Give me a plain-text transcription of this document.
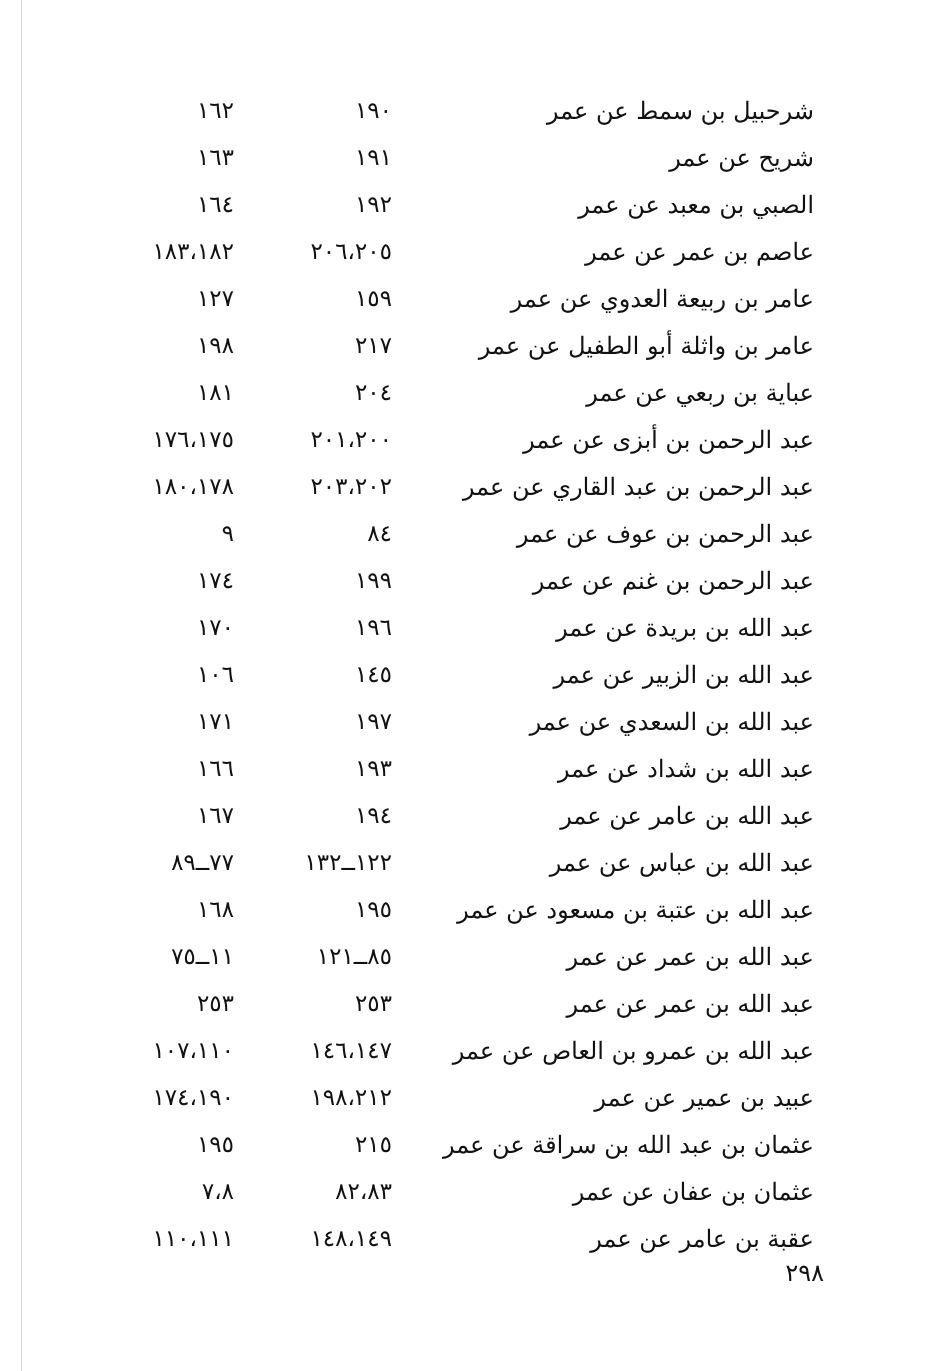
شرحبيل بن سمط عن عمر
١٩٠
١٦٢
شريح عن عمر
١٩١
١٦٣
الصبي بن معبد عن عمر
١٩٢
١٦٤
عاصم بن عمر عن عمر
٢٠٦،٢٠٥
١٨٣،١٨٢
عامر بن ربيعة العدوي عن عمر
١٥٩
١٢٧
عامر بن واثلة أبو الطفيل عن عمر
٢١٧
١٩٨
عباية بن ربعي عن عمر
٢٠٤
١٨١
عبد الرحمن بن أبزى عن عمر
٢٠١،٢٠٠
١٧٦،١٧٥
عبد الرحمن بن عبد القاري عن عمر
٢٠٣،٢٠٢
١٨٠،١٧٨
عبد الرحمن بن عوف عن عمر
٨٤
٩
عبد الرحمن بن غنم عن عمر
١٩٩
١٧٤
عبد الله بن بريدة عن عمر
١٩٦
١٧٠
عبد الله بن الزبير عن عمر
١٤٥
١٠٦
عبد الله بن السعدي عن عمر
١٩٧
١٧١
عبد الله بن شداد عن عمر
١٩٣
١٦٦
عبد الله بن عامر عن عمر
١٩٤
١٦٧
عبد الله بن عباس عن عمر
١٢٢ــ١٣٢
٧٧ــ٨٩
عبد الله بن عتبة بن مسعود عن عمر
١٩٥
١٦٨
عبد الله بن عمر عن عمر
٨٥ــ١٢١
١١ــ٧٥
عبد الله بن عمر عن عمر
٢٥٣
٢٥٣
عبد الله بن عمرو بن العاص عن عمر
١٤٦،١٤٧
١٠٧،١١٠
عبيد بن عمير عن عمر
١٩٨،٢١٢
١٧٤،١٩٠
عثمان بن عبد الله بن سراقة عن عمر
٢١٥
١٩٥
عثمان بن عفان عن عمر
٨٢،٨٣
٧،٨
عقبة بن عامر عن عمر
١٤٨،١٤٩
١١٠،١١١
٢٩٨
